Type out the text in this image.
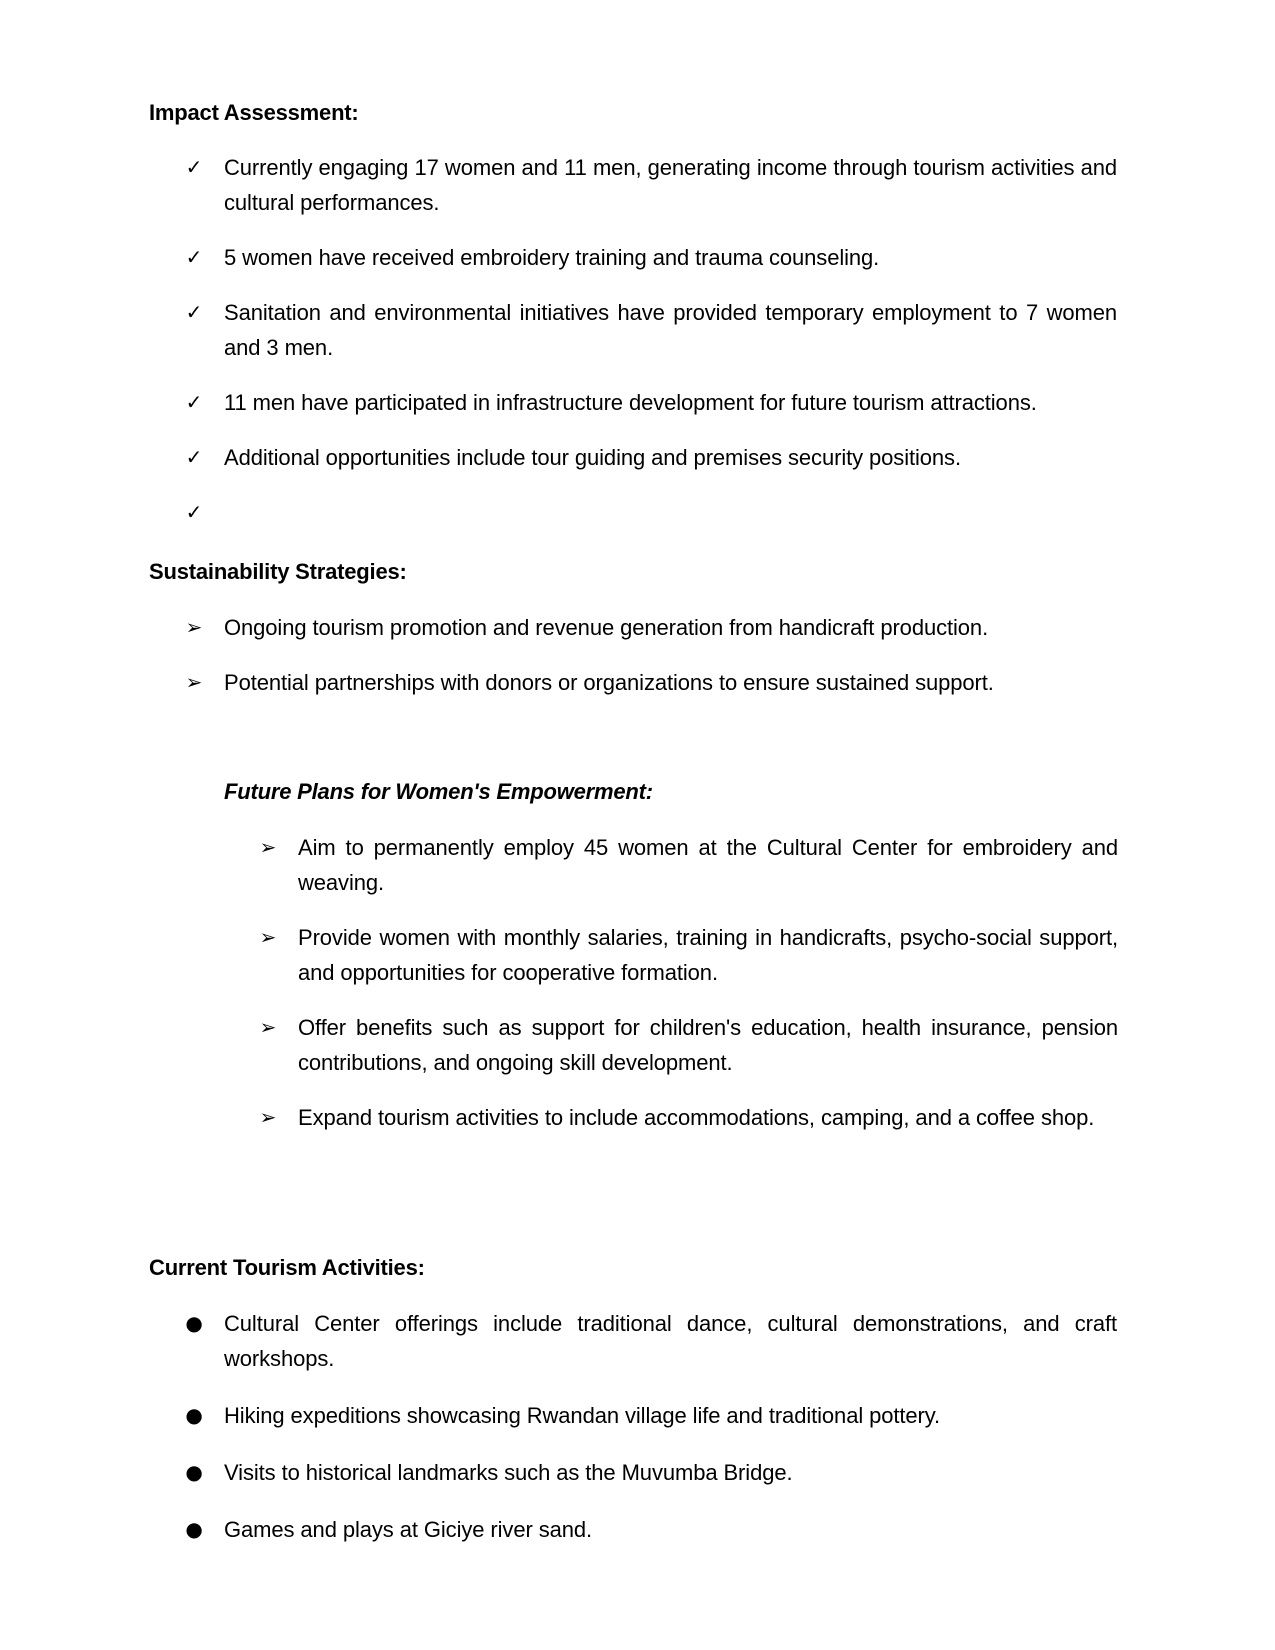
Impact Assessment:
✓ Currently engaging 17 women and 11 men, generating income through tourism activities and cultural performances.
✓ 5 women have received embroidery training and trauma counseling.
✓ Sanitation and environmental initiatives have provided temporary employment to 7 women and 3 men.
✓ 11 men have participated in infrastructure development for future tourism attractions.
✓ Additional opportunities include tour guiding and premises security positions.
✓
Sustainability Strategies:
➢ Ongoing tourism promotion and revenue generation from handicraft production.
➢ Potential partnerships with donors or organizations to ensure sustained support.
Future Plans for Women's Empowerment:
➢ Aim to permanently employ 45 women at the Cultural Center for embroidery and weaving.
➢ Provide women with monthly salaries, training in handicrafts, psycho-social support, and opportunities for cooperative formation.
➢ Offer benefits such as support for children's education, health insurance, pension contributions, and ongoing skill development.
➢ Expand tourism activities to include accommodations, camping, and a coffee shop.
Current Tourism Activities:
● Cultural Center offerings include traditional dance, cultural demonstrations, and craft workshops.
● Hiking expeditions showcasing Rwandan village life and traditional pottery.
● Visits to historical landmarks such as the Muvumba Bridge.
● Games and plays at Giciye river sand.
